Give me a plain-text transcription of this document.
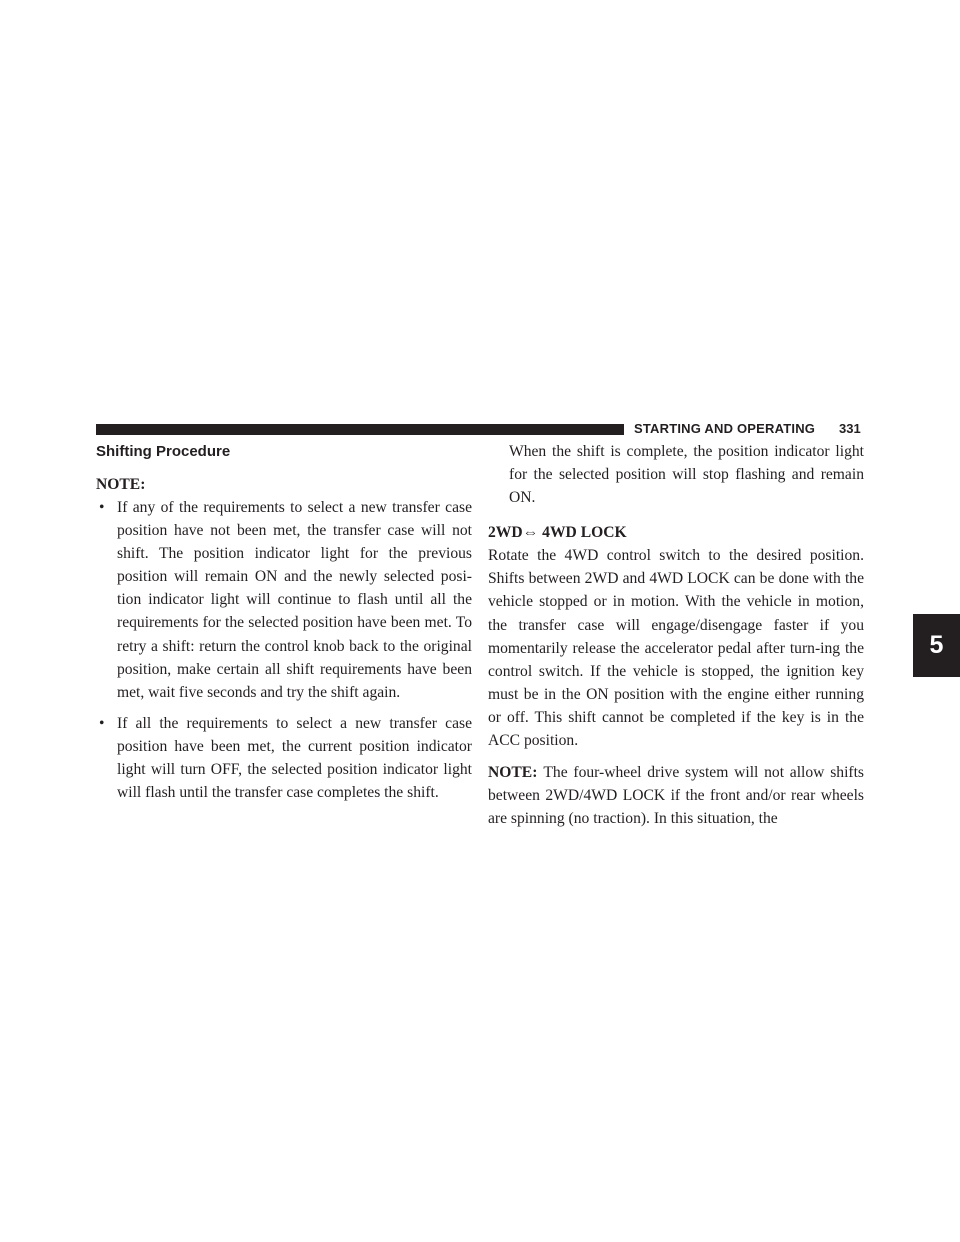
STARTING AND OPERATING 331
5
Shifting Procedure
NOTE:
• If any of the requirements to select a new transfer case position have not been met, the transfer case will not shift. The position indicator light for the previous position will remain ON and the newly selected posi-tion indicator light will continue to flash until all the requirements for the selected position have been met. To retry a shift: return the control knob back to the original position, make certain all shift requirements have been met, wait five seconds and try the shift again.
• If all the requirements to select a new transfer case position have been met, the current position indicator light will turn OFF, the selected position indicator light will flash until the transfer case completes the shift.
When the shift is complete, the position indicator light for the selected position will stop flashing and remain ON.
2WD⇔ 4WD LOCK
Rotate the 4WD control switch to the desired position. Shifts between 2WD and 4WD LOCK can be done with the vehicle stopped or in motion. With the vehicle in motion, the transfer case will engage/disengage faster if you momentarily release the accelerator pedal after turn-ing the control switch. If the vehicle is stopped, the ignition key must be in the ON position with the engine either running or off. This shift cannot be completed if the key is in the ACC position.
NOTE: The four-wheel drive system will not allow shifts between 2WD/4WD LOCK if the front and/or rear wheels are spinning (no traction). In this situation, the
